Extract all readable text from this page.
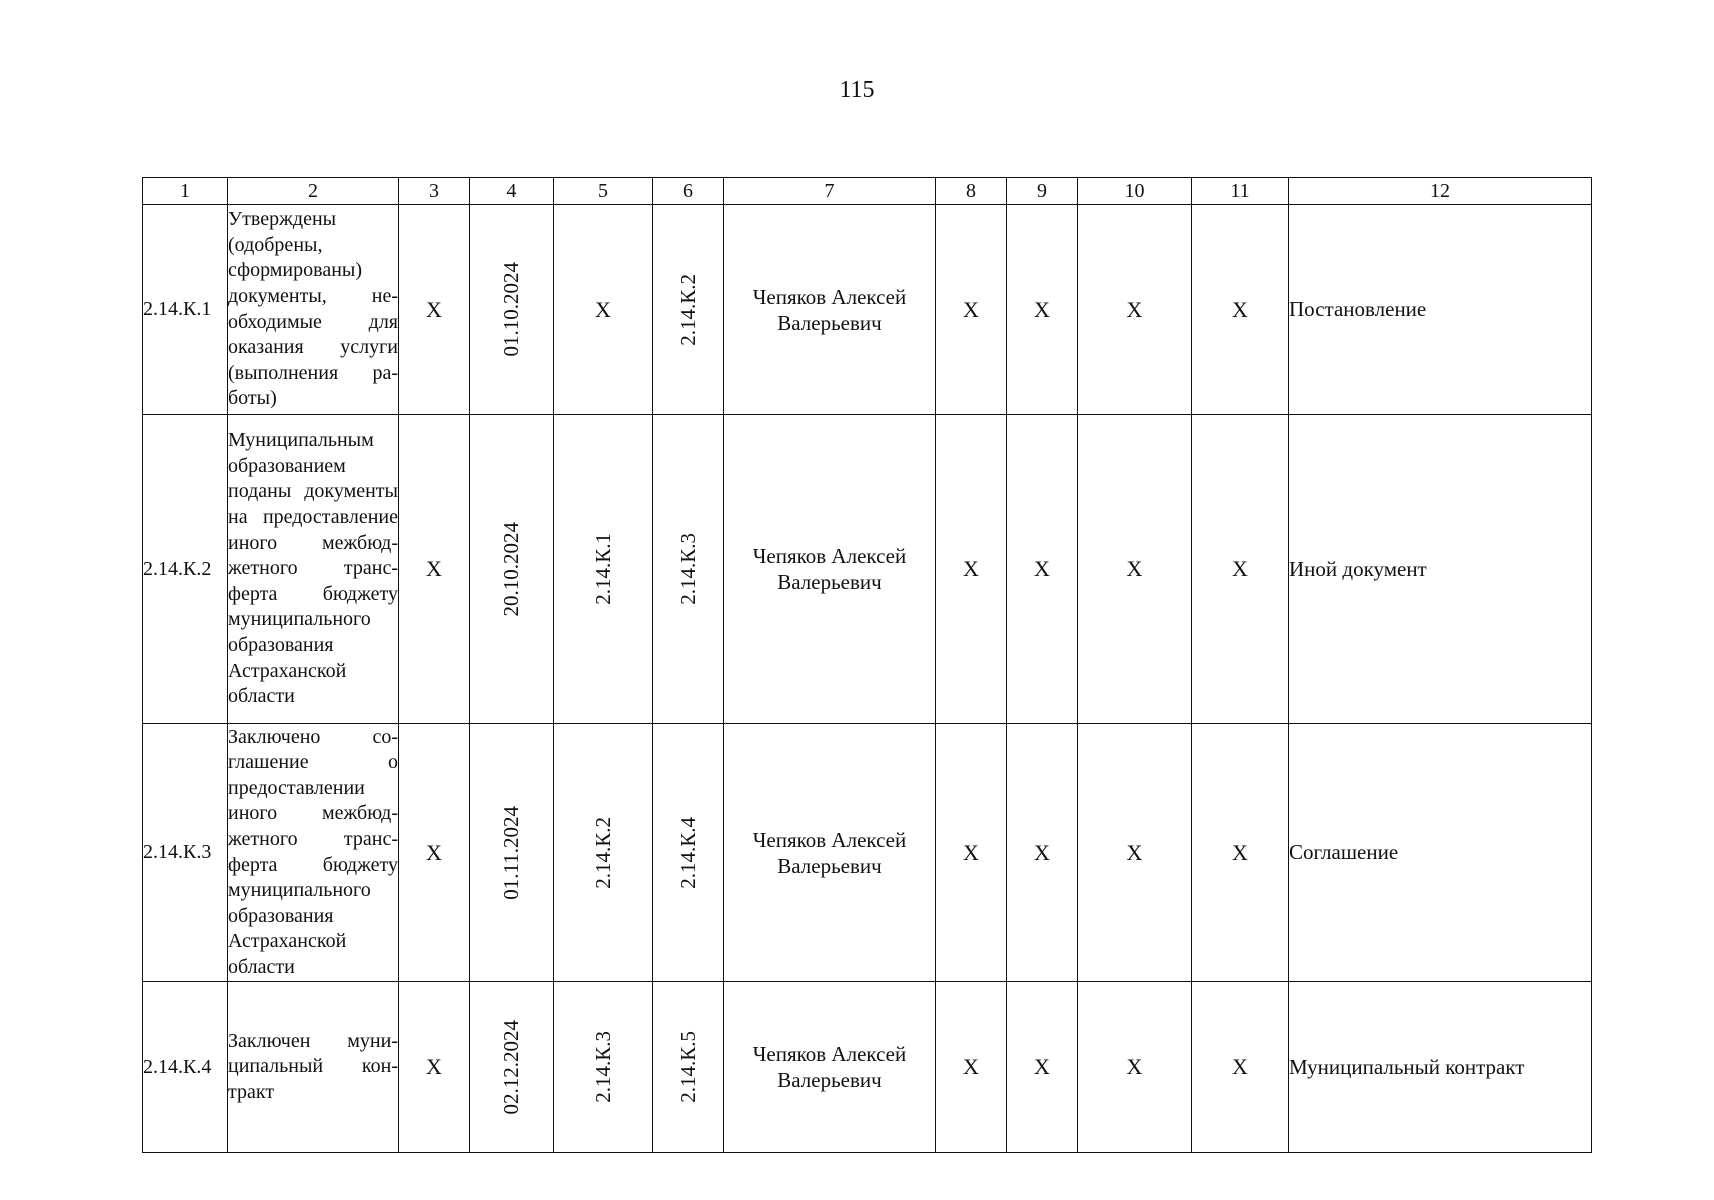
115
1	2	3	4	5	6	7	8	9	10	11	12
2.14.К.1	Утверждены (одобрены, сформированы) документы, необходимые для оказания услуги (выполнения работы)	X	01.10.2024	X	2.14.К.2	Чепяков Алексей Валерьевич	X	X	X	X	Постановление
2.14.К.2	Муниципальным образованием поданы документы на предоставление иного межбюджетного трансферта бюджету муниципального образования Астраханской области	X	20.10.2024	2.14.К.1	2.14.К.3	Чепяков Алексей Валерьевич	X	X	X	X	Иной документ
2.14.К.3	Заключено соглашение о предоставлении иного межбюджетного трансферта бюджету муниципального образования Астраханской области	X	01.11.2024	2.14.К.2	2.14.К.4	Чепяков Алексей Валерьевич	X	X	X	X	Соглашение
2.14.К.4	Заключен муниципальный контракт	X	02.12.2024	2.14.К.3	2.14.К.5	Чепяков Алексей Валерьевич	X	X	X	X	Муниципальный контракт
